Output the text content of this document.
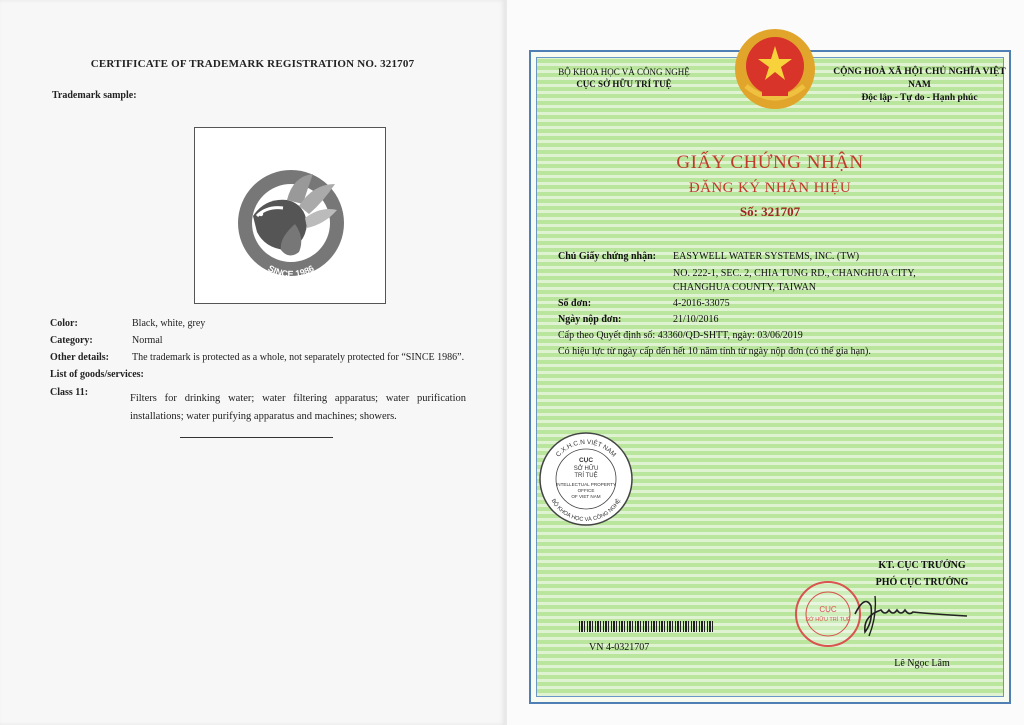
CERTIFICATE OF TRADEMARK REGISTRATION NO. 321707
Trademark sample:
SINCE 1986
Color:	Black, white, grey
Category:	Normal
Other details: The trademark is protected as a whole, not separately protected for “SINCE 1986”.
List of goods/services:
Class 11:
Filters for drinking water; water filtering apparatus; water purification installations; water purifying apparatus and machines; showers.
BỘ KHOA HỌC VÀ CÔNG NGHỆ
CỤC SỞ HỮU TRÍ TUỆ
CỘNG HOÀ XÃ HỘI CHỦ NGHĨA VIỆT NAM
Độc lập - Tự do - Hạnh phúc
GIẤY CHỨNG NHẬN
ĐĂNG KÝ NHÃN HIỆU
Số: 321707
Chủ Giấy chứng nhận: EASYWELL WATER SYSTEMS, INC. (TW)
NO. 222-1, SEC. 2, CHIA TUNG RD., CHANGHUA CITY,
CHANGHUA COUNTY, TAIWAN
Số đơn:	4-2016-33075
Ngày nộp đơn:	21/10/2016
Cấp theo Quyết định số: 43360/QD-SHTT, ngày: 03/06/2019
Có hiệu lực từ ngày cấp đến hết 10 năm tính từ ngày nộp đơn (có thể gia hạn).
C.X.H.C.N VIỆT NAM
BỘ KHOA HỌC VÀ CÔNG NGHỆ
CỤC
SỞ HỮU
TRÍ TUỆ
INTELLECTUAL PROPERTY
OFFICE
OF VIET NAM
KT. CỤC TRƯỞNG
PHÓ CỤC TRƯỞNG
CỤC
SỞ HỮU TRÍ TUỆ
Lê Ngọc Lâm
VN 4-0321707
